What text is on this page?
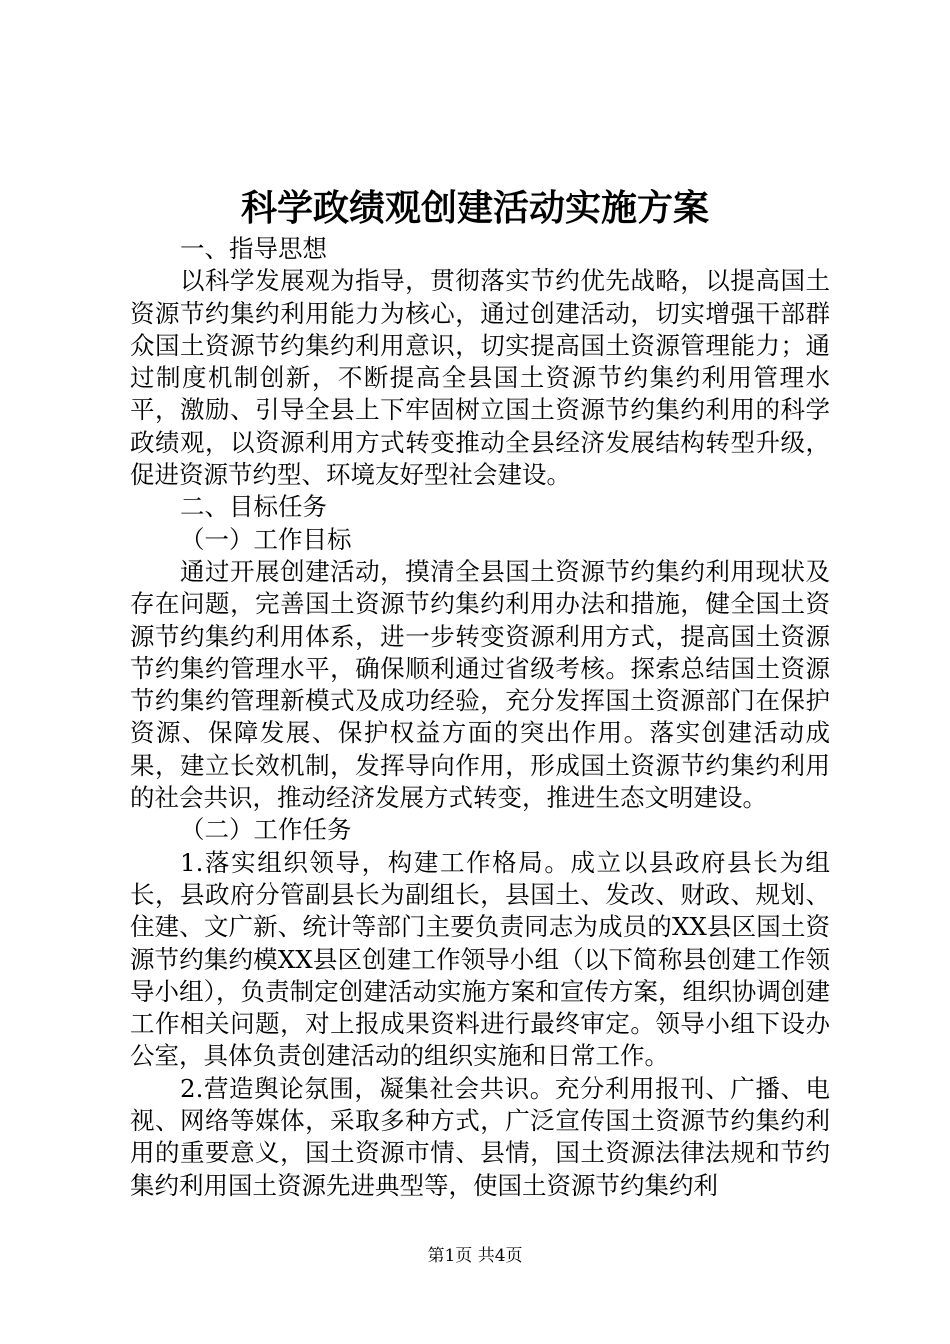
科学政绩观创建活动实施方案

一、指导思想

以科学发展观为指导，贯彻落实节约优先战略，以提高国土资源节约集约利用能力为核心，通过创建活动，切实增强干部群众国土资源节约集约利用意识，切实提高国土资源管理能力；通过制度机制创新，不断提高全县国土资源节约集约利用管理水平，激励、引导全县上下牢固树立国土资源节约集约利用的科学政绩观，以资源利用方式转变推动全县经济发展结构转型升级，促进资源节约型、环境友好型社会建设。

二、目标任务

（一）工作目标

通过开展创建活动，摸清全县国土资源节约集约利用现状及存在问题，完善国土资源节约集约利用办法和措施，健全国土资源节约集约利用体系，进一步转变资源利用方式，提高国土资源节约集约管理水平，确保顺利通过省级考核。探索总结国土资源节约集约管理新模式及成功经验，充分发挥国土资源部门在保护资源、保障发展、保护权益方面的突出作用。落实创建活动成果，建立长效机制，发挥导向作用，形成国土资源节约集约利用的社会共识，推动经济发展方式转变，推进生态文明建设。

（二）工作任务

1.落实组织领导，构建工作格局。成立以县政府县长为组长，县政府分管副县长为副组长，县国土、发改、财政、规划、住建、文广新、统计等部门主要负责同志为成员的XX县区国土资源节约集约模XX县区创建工作领导小组（以下简称县创建工作领导小组），负责制定创建活动实施方案和宣传方案，组织协调创建工作相关问题，对上报成果资料进行最终审定。领导小组下设办公室，具体负责创建活动的组织实施和日常工作。

2.营造舆论氛围，凝集社会共识。充分利用报刊、广播、电视、网络等媒体，采取多种方式，广泛宣传国土资源节约集约利用的重要意义，国土资源市情、县情，国土资源法律法规和节约集约利用国土资源先进典型等，使国土资源节约集约利

第1页 共4页
